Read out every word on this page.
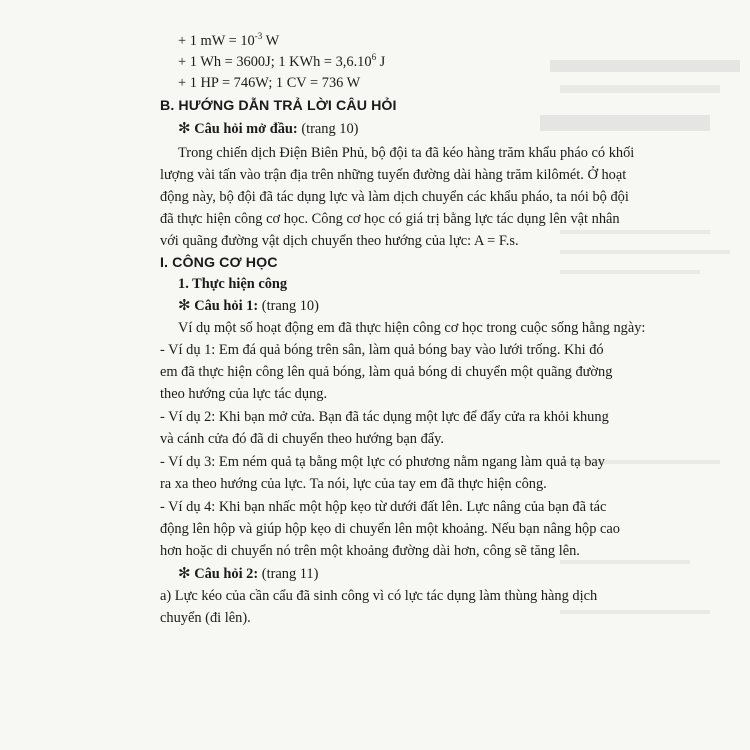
+ 1 mW = $10^{-3}$ W
+ 1 Wh = 3600J; 1 KWh = $3,6.10^6$ J
+ 1 HP = 746W; 1 CV = 736 W
B. HƯỚNG DẪN TRẢ LỜI CÂU HỎI
✻ Câu hỏi mở đầu: (trang 10)
Trong chiến dịch Điện Biên Phủ, bộ đội ta đã kéo hàng trăm khẩu pháo có khối
lượng vài tấn vào trận địa trên những tuyến đường dài hàng trăm kilômét. Ở hoạt
động này, bộ đội đã tác dụng lực và làm dịch chuyển các khẩu pháo, ta nói bộ đội
đã thực hiện công cơ học. Công cơ học có giá trị bằng lực tác dụng lên vật nhân
với quãng đường vật dịch chuyển theo hướng của lực: A = F.s.
I. CÔNG CƠ HỌC
1. Thực hiện công
✻ Câu hỏi 1: (trang 10)
Ví dụ một số hoạt động em đã thực hiện công cơ học trong cuộc sống hằng ngày:
- Ví dụ 1: Em đá quả bóng trên sân, làm quả bóng bay vào lưới trống. Khi đó
em đã thực hiện công lên quả bóng, làm quả bóng di chuyển một quãng đường
theo hướng của lực tác dụng.
- Ví dụ 2: Khi bạn mở cửa. Bạn đã tác dụng một lực để đẩy cửa ra khỏi khung
và cánh cửa đó đã di chuyển theo hướng bạn đẩy.
- Ví dụ 3: Em ném quả tạ bằng một lực có phương nằm ngang làm quả tạ bay
ra xa theo hướng của lực. Ta nói, lực của tay em đã thực hiện công.
- Ví dụ 4: Khi bạn nhấc một hộp kẹo từ dưới đất lên. Lực nâng của bạn đã tác
động lên hộp và giúp hộp kẹo di chuyển lên một khoảng. Nếu bạn nâng hộp cao
hơn hoặc di chuyển nó trên một khoảng đường dài hơn, công sẽ tăng lên.
✻ Câu hỏi 2: (trang 11)
a) Lực kéo của cần cẩu đã sinh công vì có lực tác dụng làm thùng hàng dịch
chuyển (đi lên).
